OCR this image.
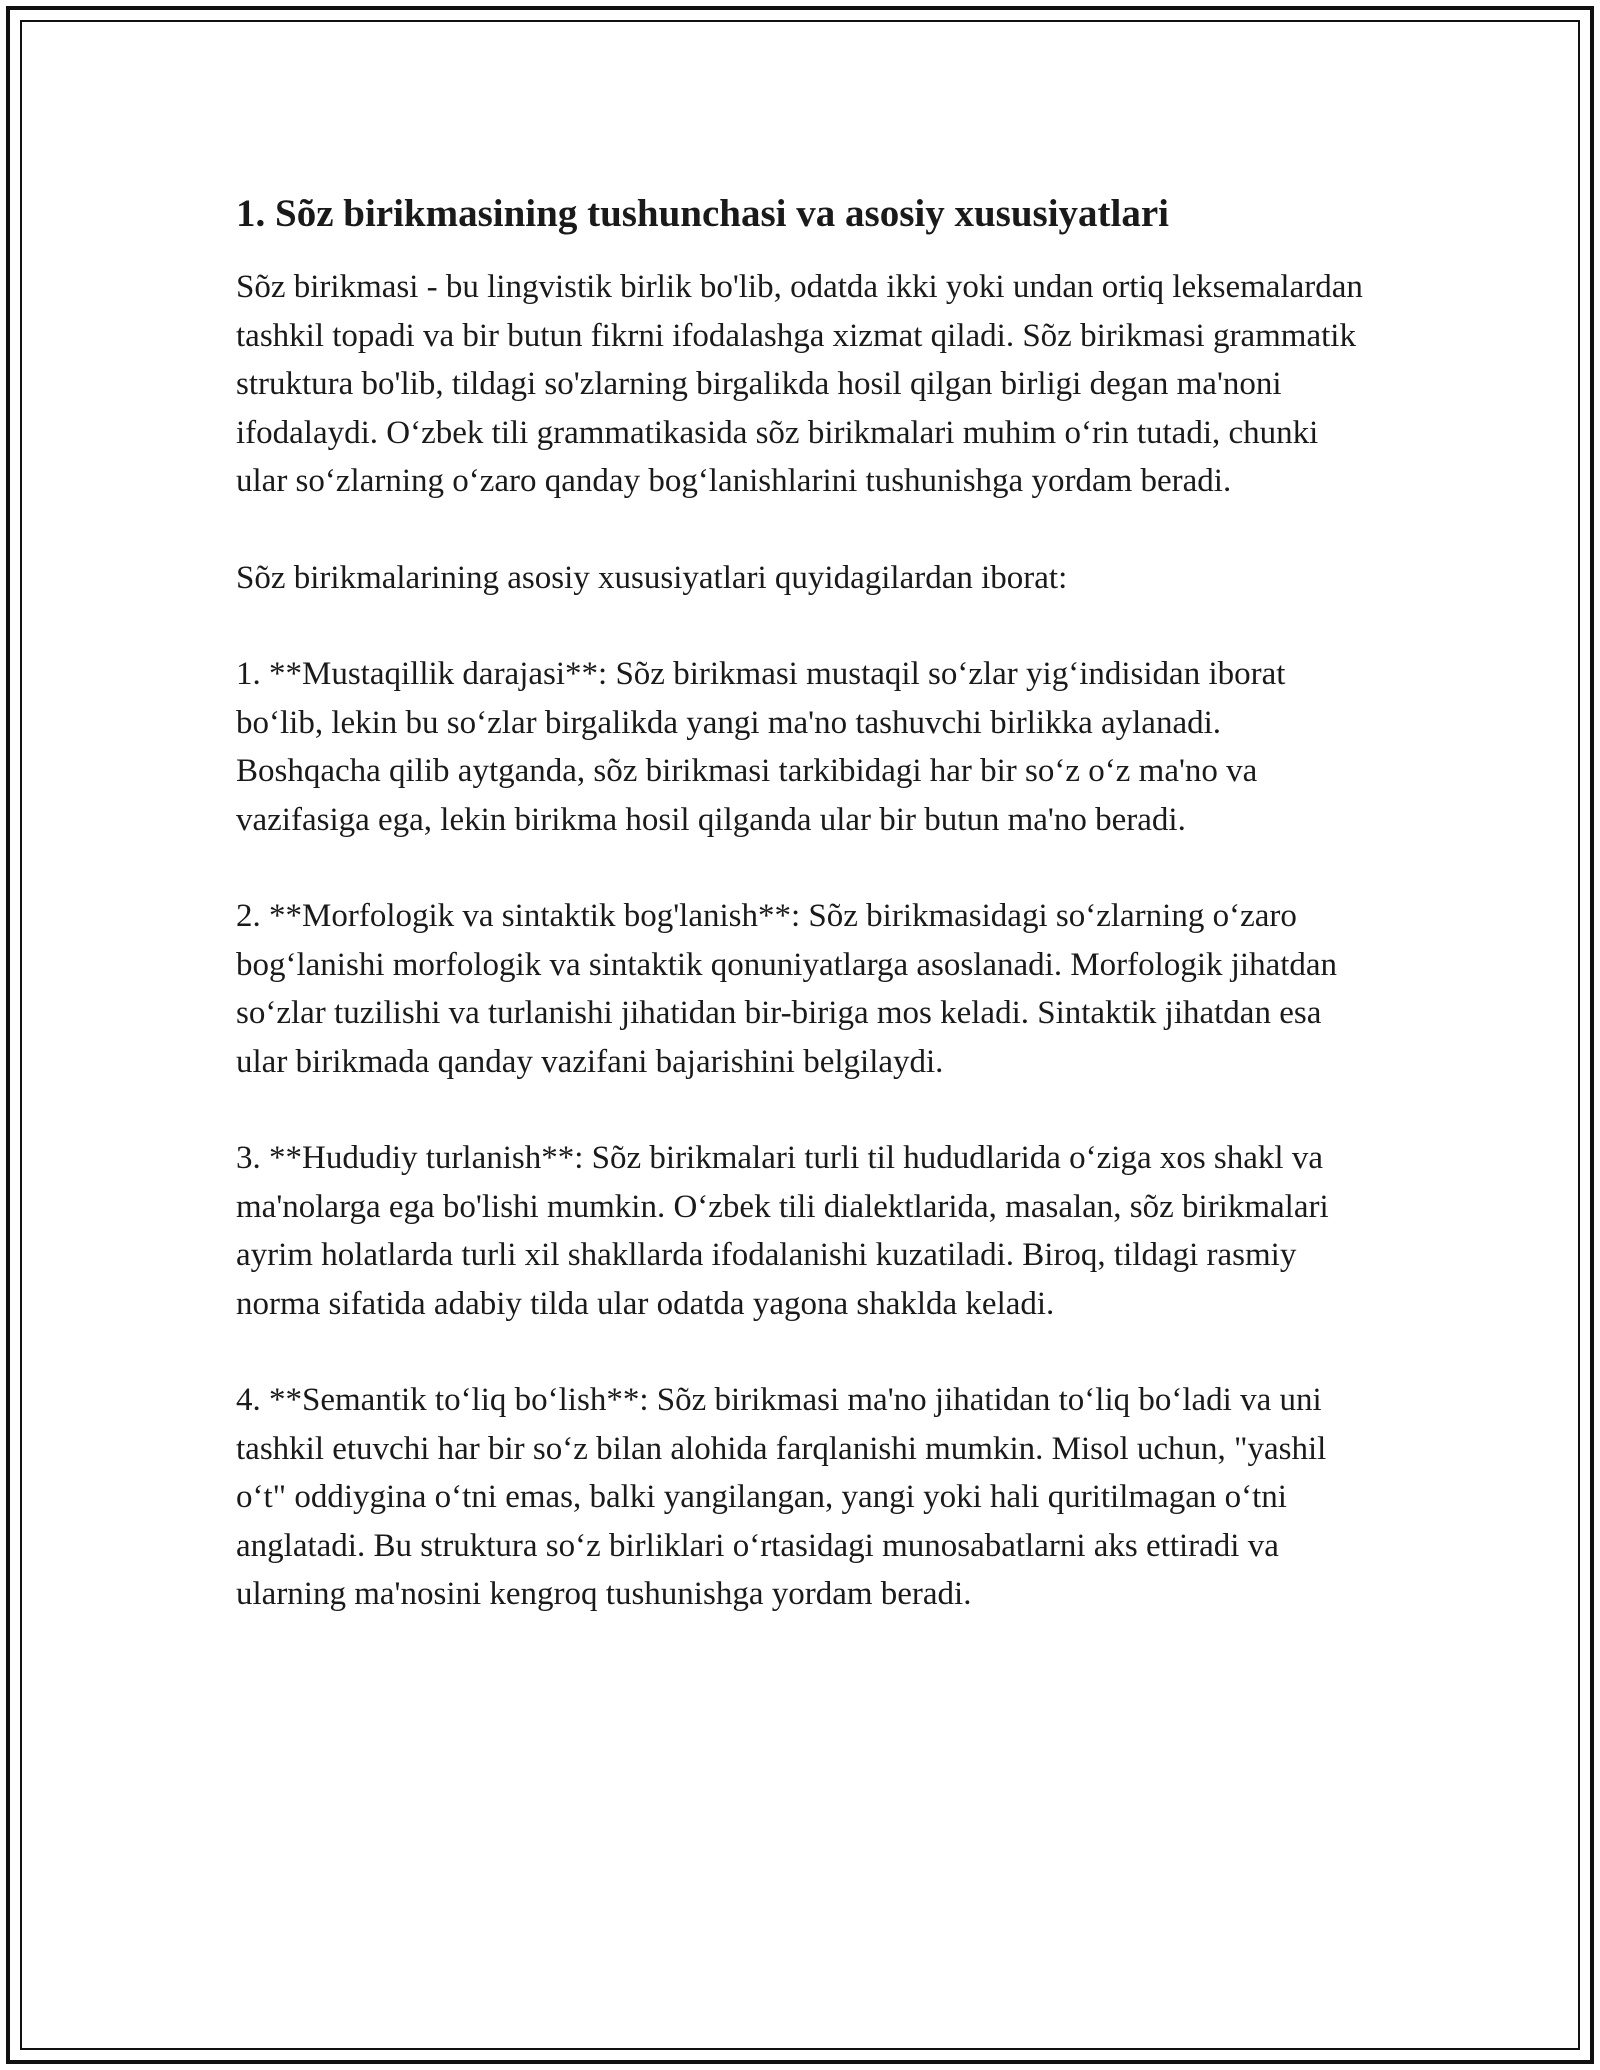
1. Sõz birikmasining tushunchasi va asosiy xususiyatlari

Sõz birikmasi - bu lingvistik birlik bo'lib, odatda ikki yoki undan ortiq leksemalardan tashkil topadi va bir butun fikrni ifodalashga xizmat qiladi. Sõz birikmasi grammatik struktura bo'lib, tildagi so'zlarning birgalikda hosil qilgan birligi degan ma'noni ifodalaydi. Oʻzbek tili grammatikasida sõz birikmalari muhim oʻrin tutadi, chunki ular soʻzlarning oʻzaro qanday bogʻlanishlarini tushunishga yordam beradi.

Sõz birikmalarining asosiy xususiyatlari quyidagilardan iborat:

1. **Mustaqillik darajasi**: Sõz birikmasi mustaqil soʻzlar yigʻindisidan iborat boʻlib, lekin bu soʻzlar birgalikda yangi ma'no tashuvchi birlikka aylanadi. Boshqacha qilib aytganda, sõz birikmasi tarkibidagi har bir soʻz oʻz ma'no va vazifasiga ega, lekin birikma hosil qilganda ular bir butun ma'no beradi.

2. **Morfologik va sintaktik bog'lanish**: Sõz birikmasidagi soʻzlarning oʻzaro bogʻlanishi morfologik va sintaktik qonuniyatlarga asoslanadi. Morfologik jihatdan soʻzlar tuzilishi va turlanishi jihatidan bir-biriga mos keladi. Sintaktik jihatdan esa ular birikmada qanday vazifani bajarishini belgilaydi.

3. **Hududiy turlanish**: Sõz birikmalari turli til hududlarida oʻziga xos shakl va ma'nolarga ega bo'lishi mumkin. Oʻzbek tili dialektlarida, masalan, sõz birikmalari ayrim holatlarda turli xil shakllarda ifodalanishi kuzatiladi. Biroq, tildagi rasmiy norma sifatida adabiy tilda ular odatda yagona shaklda keladi.

4. **Semantik toʻliq boʻlish**: Sõz birikmasi ma'no jihatidan toʻliq boʻladi va uni tashkil etuvchi har bir soʻz bilan alohida farqlanishi mumkin. Misol uchun, "yashil oʻt" oddiygina oʻtni emas, balki yangilangan, yangi yoki hali quritilmagan oʻtni anglatadi. Bu struktura soʻz birliklari oʻrtasidagi munosabatlarni aks ettiradi va ularning ma'nosini kengroq tushunishga yordam beradi.
